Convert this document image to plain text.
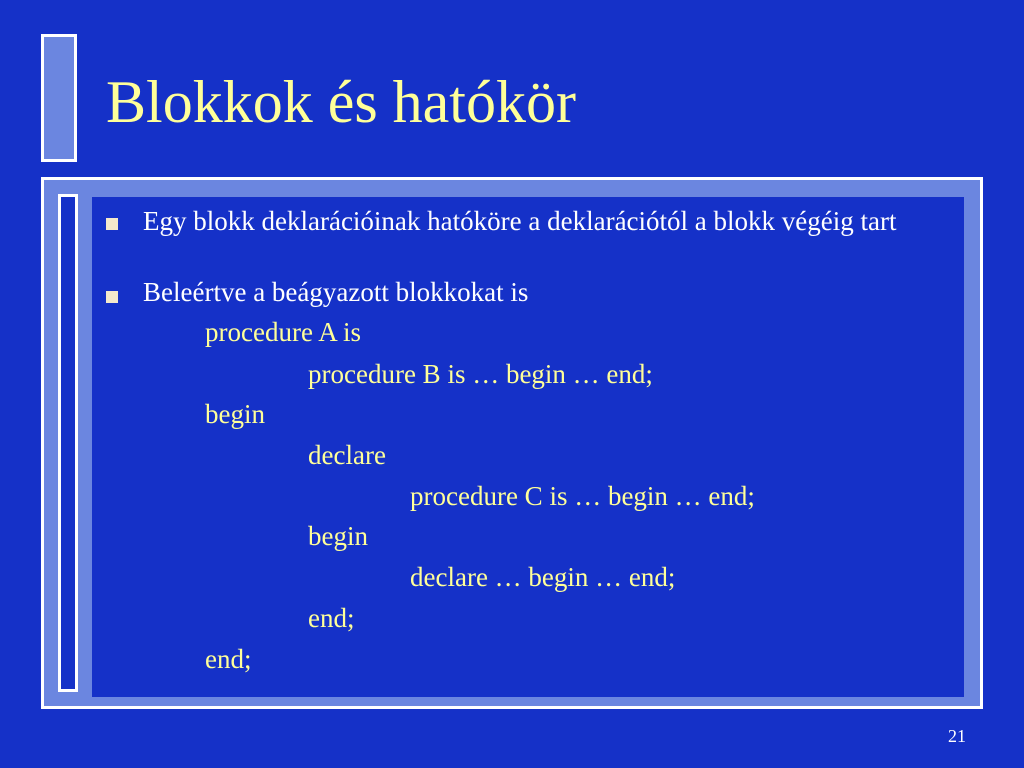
Blokkok és hatókör
Egy blokk deklarációinak hatóköre a deklarációtól a blokk végéig tart
Beleértve a beágyazott blokkokat is
procedure A is
procedure B is … begin … end;
begin
declare
procedure C is … begin … end;
begin
declare … begin … end;
end;
end;
21
